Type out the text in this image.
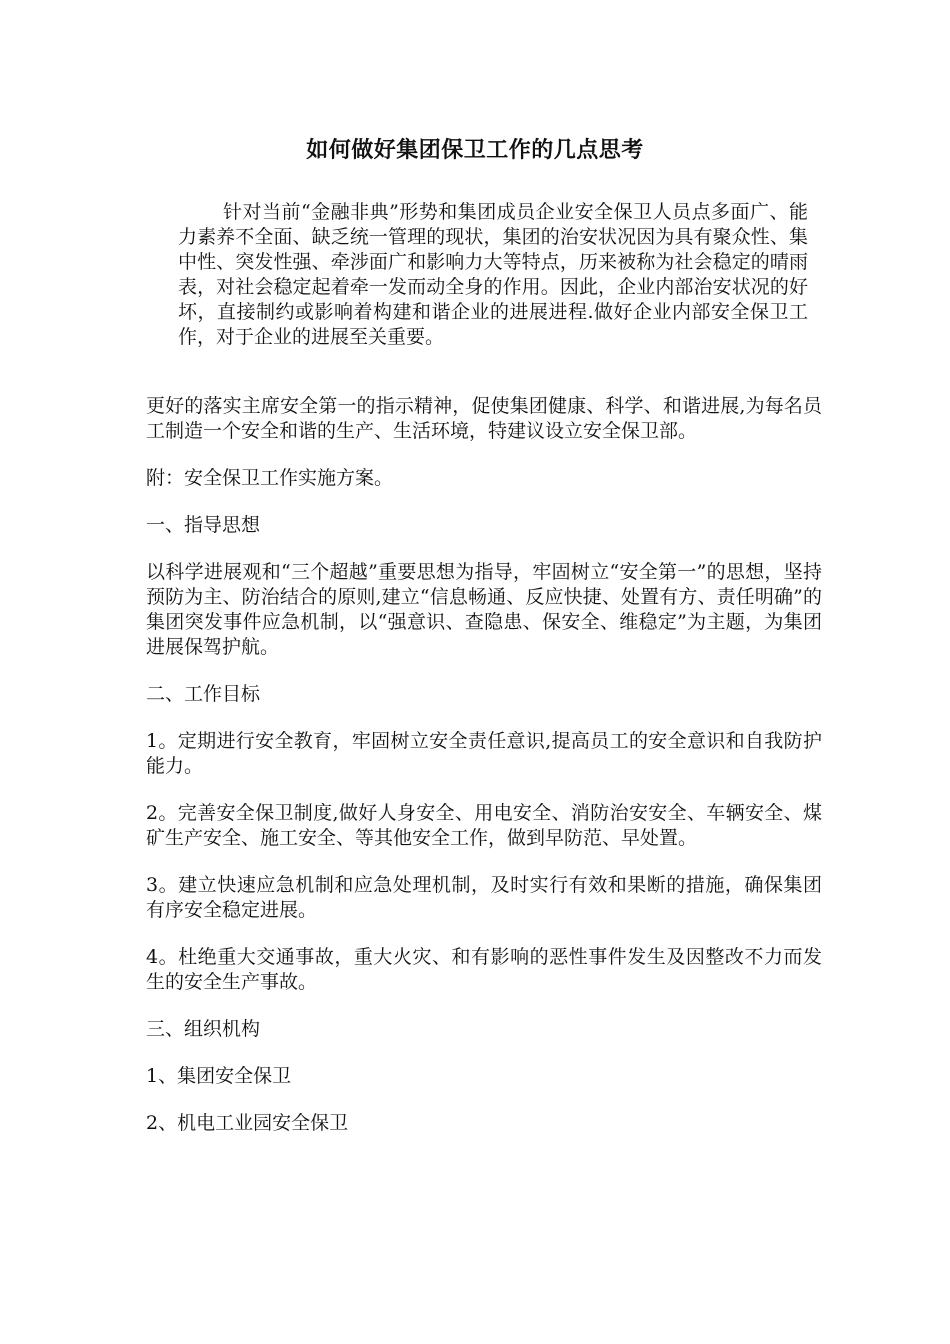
如何做好集团保卫工作的几点思考
针对当前“金融非典”形势和集团成员企业安全保卫人员点多面广、能力素养不全面、缺乏统一管理的现状，集团的治安状况因为具有聚众性、集中性、突发性强、牵涉面广和影响力大等特点，历来被称为社会稳定的晴雨表，对社会稳定起着牵一发而动全身的作用。因此，企业内部治安状况的好坏，直接制约或影响着构建和谐企业的进展进程.做好企业内部安全保卫工作，对于企业的进展至关重要。

更好的落实主席安全第一的指示精神，促使集团健康、科学、和谐进展,为每名员工制造一个安全和谐的生产、生活环境，特建议设立安全保卫部。

附：安全保卫工作实施方案。

一、指导思想

以科学进展观和“三个超越”重要思想为指导，牢固树立“安全第一”的思想，坚持预防为主、防治结合的原则,建立“信息畅通、反应快捷、处置有方、责任明确”的集团突发事件应急机制，以“强意识、查隐患、保安全、维稳定”为主题，为集团进展保驾护航。

二、工作目标

1。定期进行安全教育，牢固树立安全责任意识,提高员工的安全意识和自我防护能力。

2。完善安全保卫制度,做好人身安全、用电安全、消防治安安全、车辆安全、煤矿生产安全、施工安全、等其他安全工作，做到早防范、早处置。

3。建立快速应急机制和应急处理机制，及时实行有效和果断的措施，确保集团有序安全稳定进展。

4。杜绝重大交通事故，重大火灾、和有影响的恶性事件发生及因整改不力而发生的安全生产事故。

三、组织机构

1、集团安全保卫

2、机电工业园安全保卫
